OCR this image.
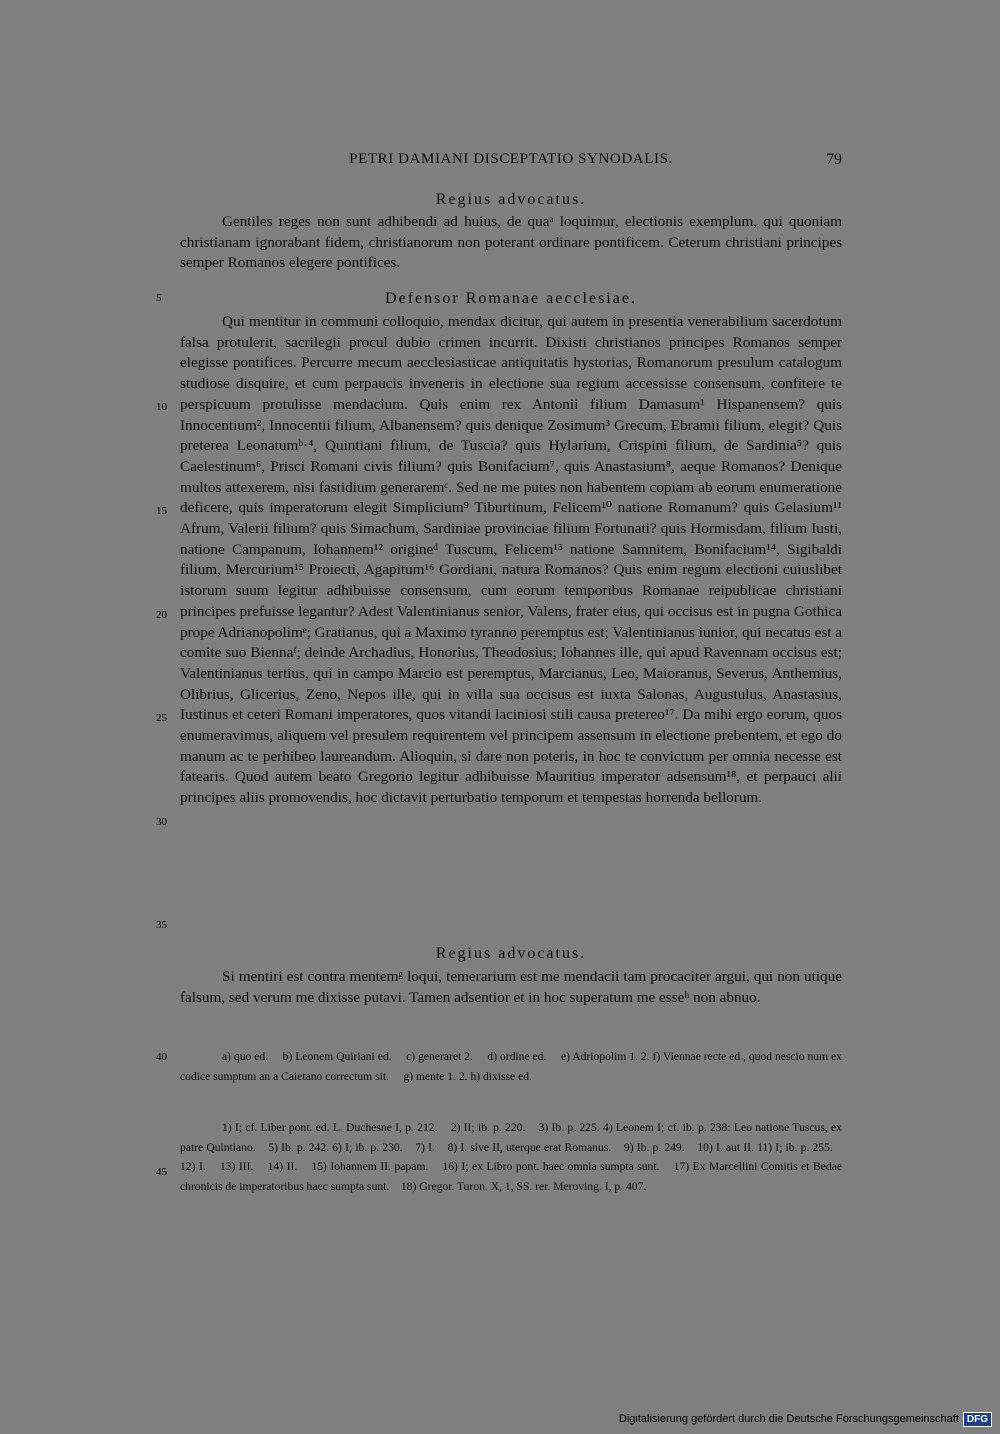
PETRI DAMIANI DISCEPTATIO SYNODALIS.	79
Regius advocatus.

Gentiles reges non sunt adhibendi ad huius, de quaᵃ loquimur, electionis exemplum, qui quoniam christianam ignorabant fidem, christianorum non poterant ordinare pontificem. Ceterum christiani principes semper Romanos elegere pontifices.

Defensor Romanae aecclesiae.

Qui mentitur in communi colloquio, mendax dicitur, qui autem in presentia venerabilium sacerdotum falsa protulerit, sacrilegii procul dubio crimen incurrit. Dixisti christianos principes Romanos semper elegisse pontifices. Percurre mecum aecclesiasticae antiquitatis hystorias, Romanorum presulum catalogum studiose disquire, et cum perpaucis inveneris in electione sua regium accessisse consensum, confitere te perspicuum protulisse mendacium. Quis enim rex Antonii filium Damasum¹ Hispanensem? quis Innocentium², Innocentii filium, Albanensem? quis denique Zosimum³ Grecum, Ebramii filium, elegit? Quis preterea Leonatumᵇ·⁴, Quintiani filium, de Tuscia? quis Hylarium, Crispini filium, de Sardinia⁵? quis Caelestinum⁶, Prisci Romani civis filium? quis Bonifacium⁷, quis Anastasium⁸, aeque Romanos? Denique multos attexerem, nisi fastidium generaremᶜ. Sed ne me putes non habentem copiam ab eorum enumeratione deficere, quis imperatorum elegit Simplicium⁹ Tiburtinum, Felicem¹⁰ natione Romanum? quis Gelasium¹¹ Afrum, Valerii filium? quis Simachum, Sardiniae provinciae filium Fortunati? quis Hormisdam, filium Iusti, natione Campanum, Iohannem¹² origineᵈ Tuscum, Felicem¹³ natione Samnitem, Bonifacium¹⁴, Sigibaldi filium, Mercurium¹⁵ Proiecti, Agapitum¹⁶ Gordiani, natura Romanos? Quis enim regum electioni cuiuslibet istorum suum legitur adhibuisse consensum, cum eorum temporibus Romanae reipublicae christiani principes prefuisse legantur? Adest Valentinianus senior, Valens, frater eius, qui occisus est in pugna Gothica prope Adrianopolimᵉ; Gratianus, qui a Maximo tyranno peremptus est; Valentinianus iunior, qui necatus est a comite suo Biennaᶠ; deinde Archadius, Honorius, Theodosius; Iohannes ille, qui apud Ravennam occisus est; Valentinianus tertius, qui in campo Marcio est peremptus, Marcianus, Leo, Maioranus, Severus, Anthemius, Olibrius, Glicerius, Zeno, Nepos ille, qui in villa sua occisus est iuxta Salonas, Augustulus, Anastasius, Iustinus et ceteri Romani imperatores, quos vitandi laciniosi stili causa pretereo¹⁷. Da mihi ergo eorum, quos enumeravimus, aliquem vel presulem requirentem vel principem assensum in electione prebentem, et ego do manum ac te perhibeo laureandum. Alioquin, si dare non poteris, in hoc te convictum per omnia necesse est fatearis. Quod autem beato Gregorio legitur adhibuisse Mauritius imperator adsensum¹⁸, et perpauci alii principes aliis promovendis, hoc dictavit perturbatio temporum et tempestas horrenda bellorum.

Regius advocatus.

Si mentiri est contra mentemᵍ loqui, temerarium est me mendacii tam procaciter argui, qui non utique falsum, sed verum me dixisse putavi. Tamen adsentior et in hoc superatum me esseʰ non abnuo.

5
10
15
20
25
30
35
40
45

a) quo ed. b) Leonem Quiriani ed. c) generaret 2. d) ordine ed. e) Adriopolim 1. 2. f) Viennae recte ed., quod nescio num ex codice sumptum an a Caietano correctum sit. g) mente 1. 2. h) dixisse ed.

1) I; cf. Liber pont. ed. L. Duchesne I, p. 212. 2) II; ib. p. 220. 3) Ib. p. 225. 4) Leonem I; cf. ib. p. 238: Leo natione Tuscus, ex patre Quintiano. 5) Ib. p. 242. 6) I; ib. p. 230. 7) I. 8) I. sive II, uterque erat Romanus. 9) Ib. p. 249. 10) I. aut II. 11) I; ib. p. 255.    12) I. 13) III. 14) II. 15) Iohannem II. papam. 16) I; ex Libro pont. haec omnia sumpta sunt. 17) Ex Marcellini Comitis et Bedae chronicis de imperatoribus haec sumpta sunt. 18) Gregor. Turon. X, 1, SS. rer. Meroving. I, p. 407.

Digitalisierung gefördert durch die Deutsche Forschungsgemeinschaft DFG
